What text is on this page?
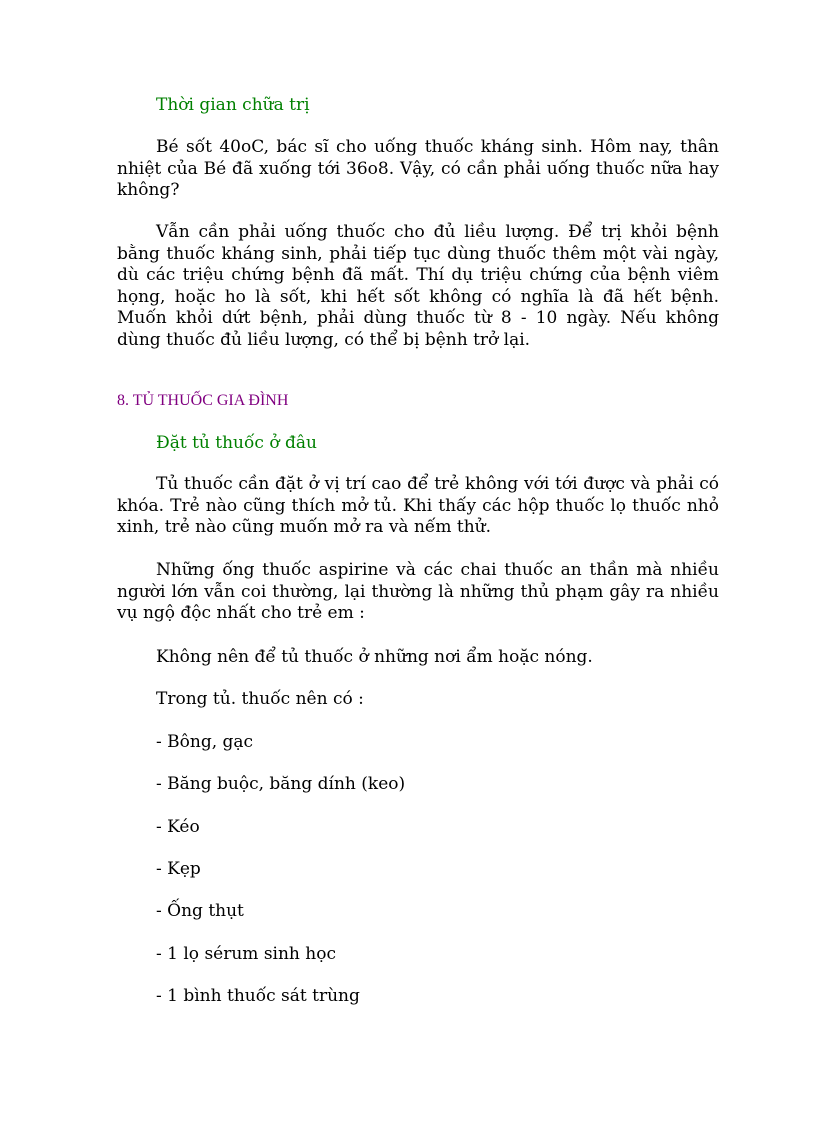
Thời gian chữa trị

Bé sốt 40oC, bác sĩ cho uống thuốc kháng sinh. Hôm nay, thân nhiệt của Bé đã xuống tới 36o8. Vậy, có cần phải uống thuốc nữa hay không?

Vẫn cần phải uống thuốc cho đủ liều lượng. Để trị khỏi bệnh bằng thuốc kháng sinh, phải tiếp tục dùng thuốc thêm một vài ngày, dù các triệu chứng bệnh đã mất. Thí dụ triệu chứng của bệnh viêm họng, hoặc ho là sốt, khi hết sốt không có nghĩa là đã hết bệnh. Muốn khỏi dứt bệnh, phải dùng thuốc từ 8 - 10 ngày. Nếu không dùng thuốc đủ liều lượng, có thể bị bệnh trở lại.

8. TỦ THUỐC GIA ĐÌNH
Đặt tủ thuốc ở đâu

Tủ thuốc cần đặt ở vị trí cao để trẻ không với tới được và phải có khóa. Trẻ nào cũng thích mở tủ. Khi thấy các hộp thuốc lọ thuốc nhỏ xinh, trẻ nào cũng muốn mở ra và nếm thử.

Những ống thuốc aspirine và các chai thuốc an thần mà nhiều người lớn vẫn coi thường, lại thường là những thủ phạm gây ra nhiều vụ ngộ độc nhất cho trẻ em :

Không nên để tủ thuốc ở những nơi ẩm hoặc nóng.
Trong tủ. thuốc nên có :
- Bông, gạc
- Băng buộc, băng dính (keo)
- Kéo
- Kẹp
- Ống thụt
- 1 lọ sérum sinh học
- 1 bình thuốc sát trùng
